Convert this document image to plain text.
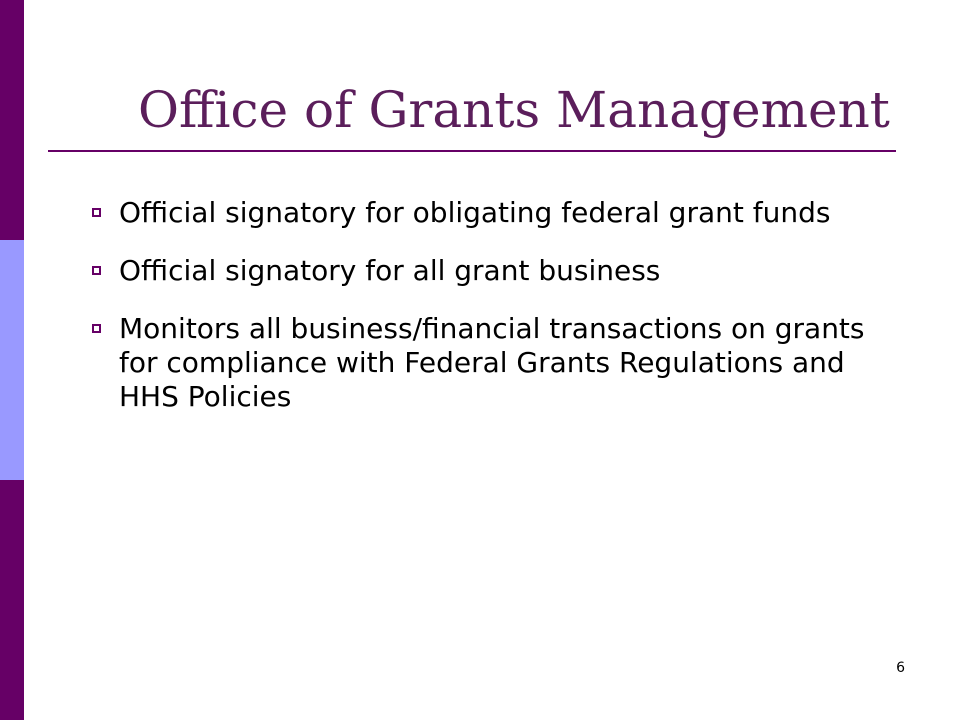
Office of Grants Management
Official signatory for obligating federal grant funds
Official signatory for all grant business
Monitors all business/financial transactions on grants for compliance with Federal Grants Regulations and HHS Policies
6
